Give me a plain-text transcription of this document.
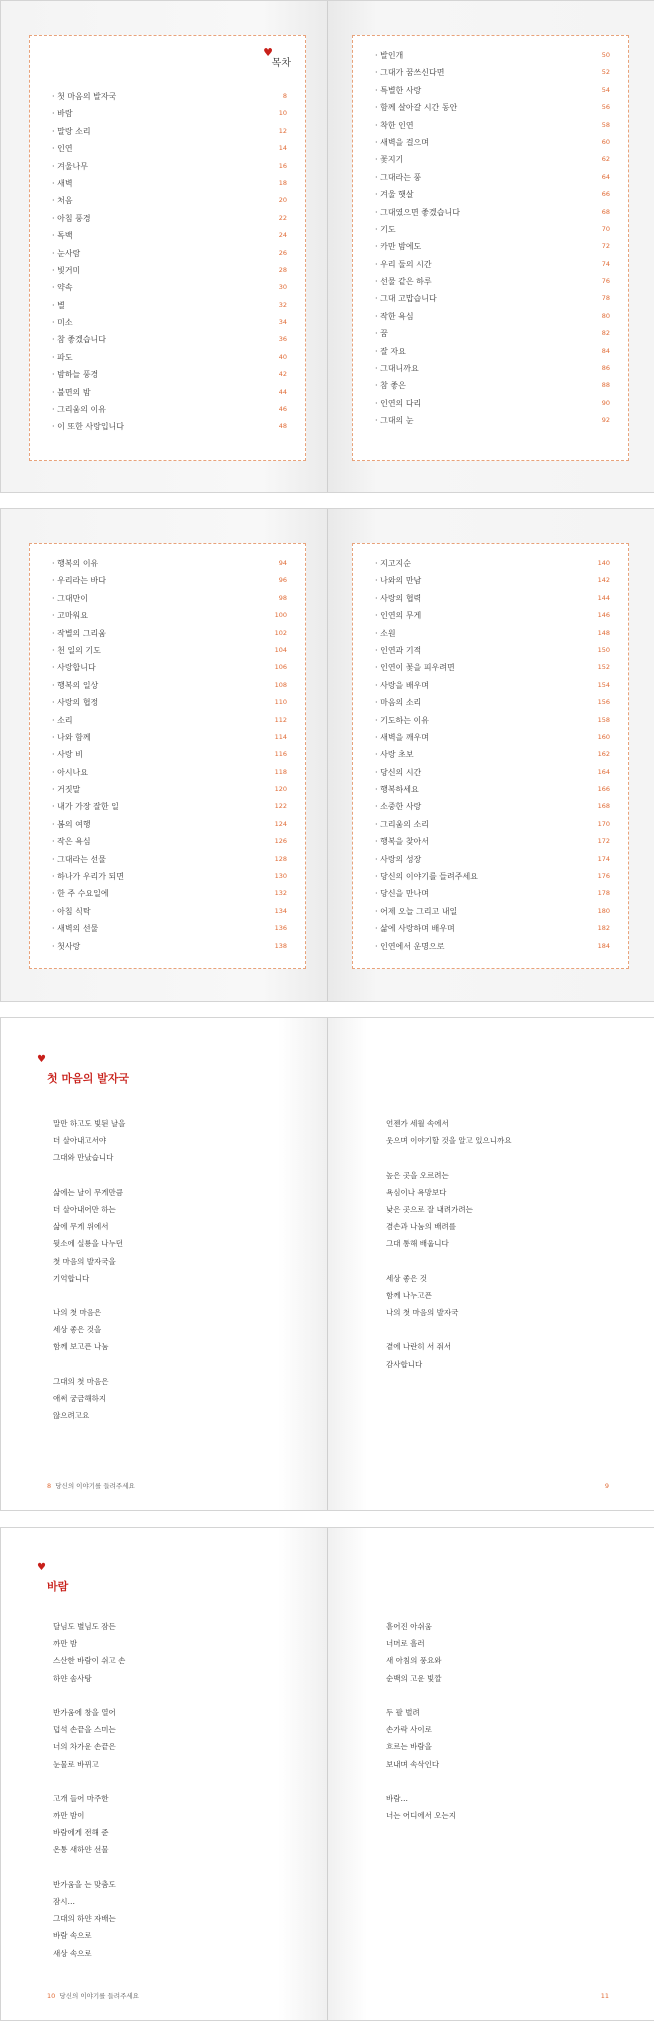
♥
목차
· 첫 마음의 발자국	8
· 바람	10
· 말랑 소리	12
· 인연	14
· 겨울나무	16
· 새벽	18
· 처음	20
· 아침 풍경	22
· 독백	24
· 눈사람	26
· 빛거미	28
· 약속	30
· 별	32
· 미소	34
· 참 좋겠습니다	36
· 파도	40
· 밤하늘 풍경	42
· 불면의 밤	44
· 그리움의 이유	46
· 이 또한 사랑입니다	48
· 발인개	50
· 그대가 꿈쓰신다면	52
· 특별한 사랑	54
· 함께 살아갈 시간 동안	56
· 착한 인연	58
· 새벽을 걸으며	60
· 꽃지기	62
· 그대라는 풍	64
· 겨울 햇살	66
· 그대였으면 좋겠습니다	68
· 기도	70
· 카만 밤에도	72
· 우리 둘의 시간	74
· 선물 같은 하루	76
· 그대 고맙습니다	78
· 작한 욕심	80
· 꿈	82
· 잘 자요	84
· 그대니까요	86
· 참 좋은	88
· 인연의 다리	90
· 그대의 눈	92
· 행복의 이유	94
· 우리라는 바다	96
· 그대만이	98
· 고마워요	100
· 작별의 그리움	102
· 천 일의 기도	104
· 사랑합니다	106
· 행복의 일상	108
· 사랑의 협정	110
· 소리	112
· 나와 함께	114
· 사랑 비	116
· 아시나요	118
· 거짓말	120
· 내가 가장 잘한 일	122
· 봄의 여행	124
· 작은 욕심	126
· 그대라는 선물	128
· 하나가 우리가 되면	130
· 한 주 수요일에	132
· 아침 식탁	134
· 새벽의 선물	136
· 첫사랑	138
· 지고지순	140
· 나와의 만남	142
· 사랑의 협력	144
· 인연의 무게	146
· 소원	148
· 인연과 기적	150
· 인연이 꽃을 피우려면	152
· 사랑을 배우며	154
· 마음의 소리	156
· 기도하는 이유	158
· 새벽을 깨우며	160
· 사랑 초보	162
· 당신의 시간	164
· 행복하세요	166
· 소중한 사랑	168
· 그리움의 소리	170
· 행복을 찾아서	172
· 사랑의 성장	174
· 당신의 이야기를 들려주세요	176
· 당신을 만나며	178
· 어제 오늘 그리고 내일	180
· 삶에 사랑하며 배우며	182
· 인연에서 운명으로	184
♥
첫 마음의 발자국
말만 하고도 빛된 날을
더 살아내고서야
그대와 만났습니다
삶에는 날이 무게만큼
더 살아내어만 하는
삶에 무게 위에서
뒷소에 실룡을 나누던
첫 마음의 발자국을
기억합니다
나의 첫 마음은
세상 좋은 것을
함께 보고픈 나눔
그대의 첫 마음은
애써 궁금해하지
않으려고요
8 당신의 이야기를 들려주세요
언젠가 세월 속에서
웃으며 이야기할 것을 알고 있으니까요
높은 곳을 오르려는
욕심이나 욕망보다
낮은 곳으로 잘 내려가려는
겸손과 나눔의 배려를
그대 통해 배웁니다
세상 좋은 것
함께 나누고픈
나의 첫 마음의 발자국
곁에 나란히 서 줘서
감사합니다
9
♥
바람
달님도 별님도 잠든
까만 밤
스산한 바람이 쉬고 손
하얀 솜사탕
반가움에 창을 열어
덥석 손끝을 스미는
너의 차가운 손끝은
눈물로 바뀌고
고개 들어 마주한
까만 밤이
바람에게 전해 준
온통 새하얀 선물
반가움을 는 맞춤도
잠시…
그대의 하얀 자배는
바람 속으로
새상 속으로
10 당신의 이야기를 들려주세요
흩어진 아쉬움
너머로 흘러
새 아침의 풍요와
순백의 고운 빛깔
두 팔 벌려
손가락 사이로
흐르는 바람을
보내며 속삭인다
바람…
너는 어디에서 오는지
11
